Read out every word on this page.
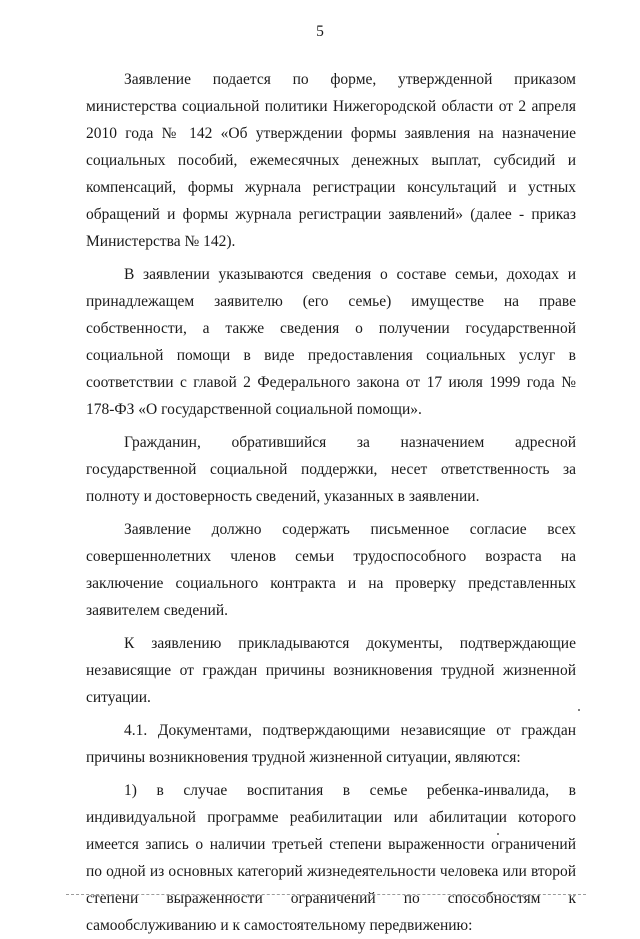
5

Заявление подается по форме, утвержденной приказом министерства социальной политики Нижегородской области от 2 апреля 2010 года № 142 «Об утверждении формы заявления на назначение социальных пособий, ежемесячных денежных выплат, субсидий и компенсаций, формы журнала регистрации консультаций и устных обращений и формы журнала регистрации заявлений» (далее - приказ Министерства № 142).

В заявлении указываются сведения о составе семьи, доходах и принадлежащем заявителю (его семье) имуществе на праве собственности, а также сведения о получении государственной социальной помощи в виде предоставления социальных услуг в соответствии с главой 2 Федерального закона от 17 июля 1999 года № 178-ФЗ «О государственной социальной помощи».

Гражданин, обратившийся за назначением адресной государственной социальной поддержки, несет ответственность за полноту и достоверность сведений, указанных в заявлении.

Заявление должно содержать письменное согласие всех совершеннолетних членов семьи трудоспособного возраста на заключение социального контракта и на проверку представленных заявителем сведений.

К заявлению прикладываются документы, подтверждающие независящие от граждан причины возникновения трудной жизненной ситуации.

4.1. Документами, подтверждающими независящие от граждан причины возникновения трудной жизненной ситуации, являются:

1) в случае воспитания в семье ребенка-инвалида, в индивидуальной программе реабилитации или абилитации которого имеется запись о наличии третьей степени выраженности ограничений по одной из основных категорий жизнедеятельности человека или второй степени выраженности ограничений по способностям к самообслуживанию и к самостоятельному передвижению:
